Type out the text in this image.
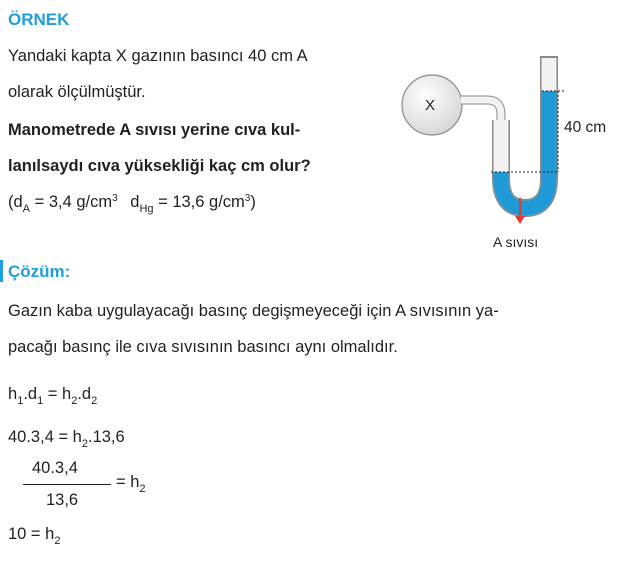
ÖRNEK
Yandaki kapta X gazının basıncı 40 cm A
olarak ölçülmüştür.
Manometrede A sıvısı yerine cıva kul-
lanılsaydı cıva yüksekliği kaç cm olur?
($d_A = 3,4$ $g/cm^3$ $d_{Hg} = 13,6$ $g/cm^3$)
X
40 cm
A sıvısı
Çözüm:
Gazın kaba uygulayacağı basınç degişmeyeceği için A sıvısının ya-
pacağı basınç ile cıva sıvısının basıncı aynı olmalıdır.
$h_1.d_1 = h_2.d_2$
$40.3,4 = h_2.13,6$
40.3,4
13,6
= $h_2$
$10 = h_2$
